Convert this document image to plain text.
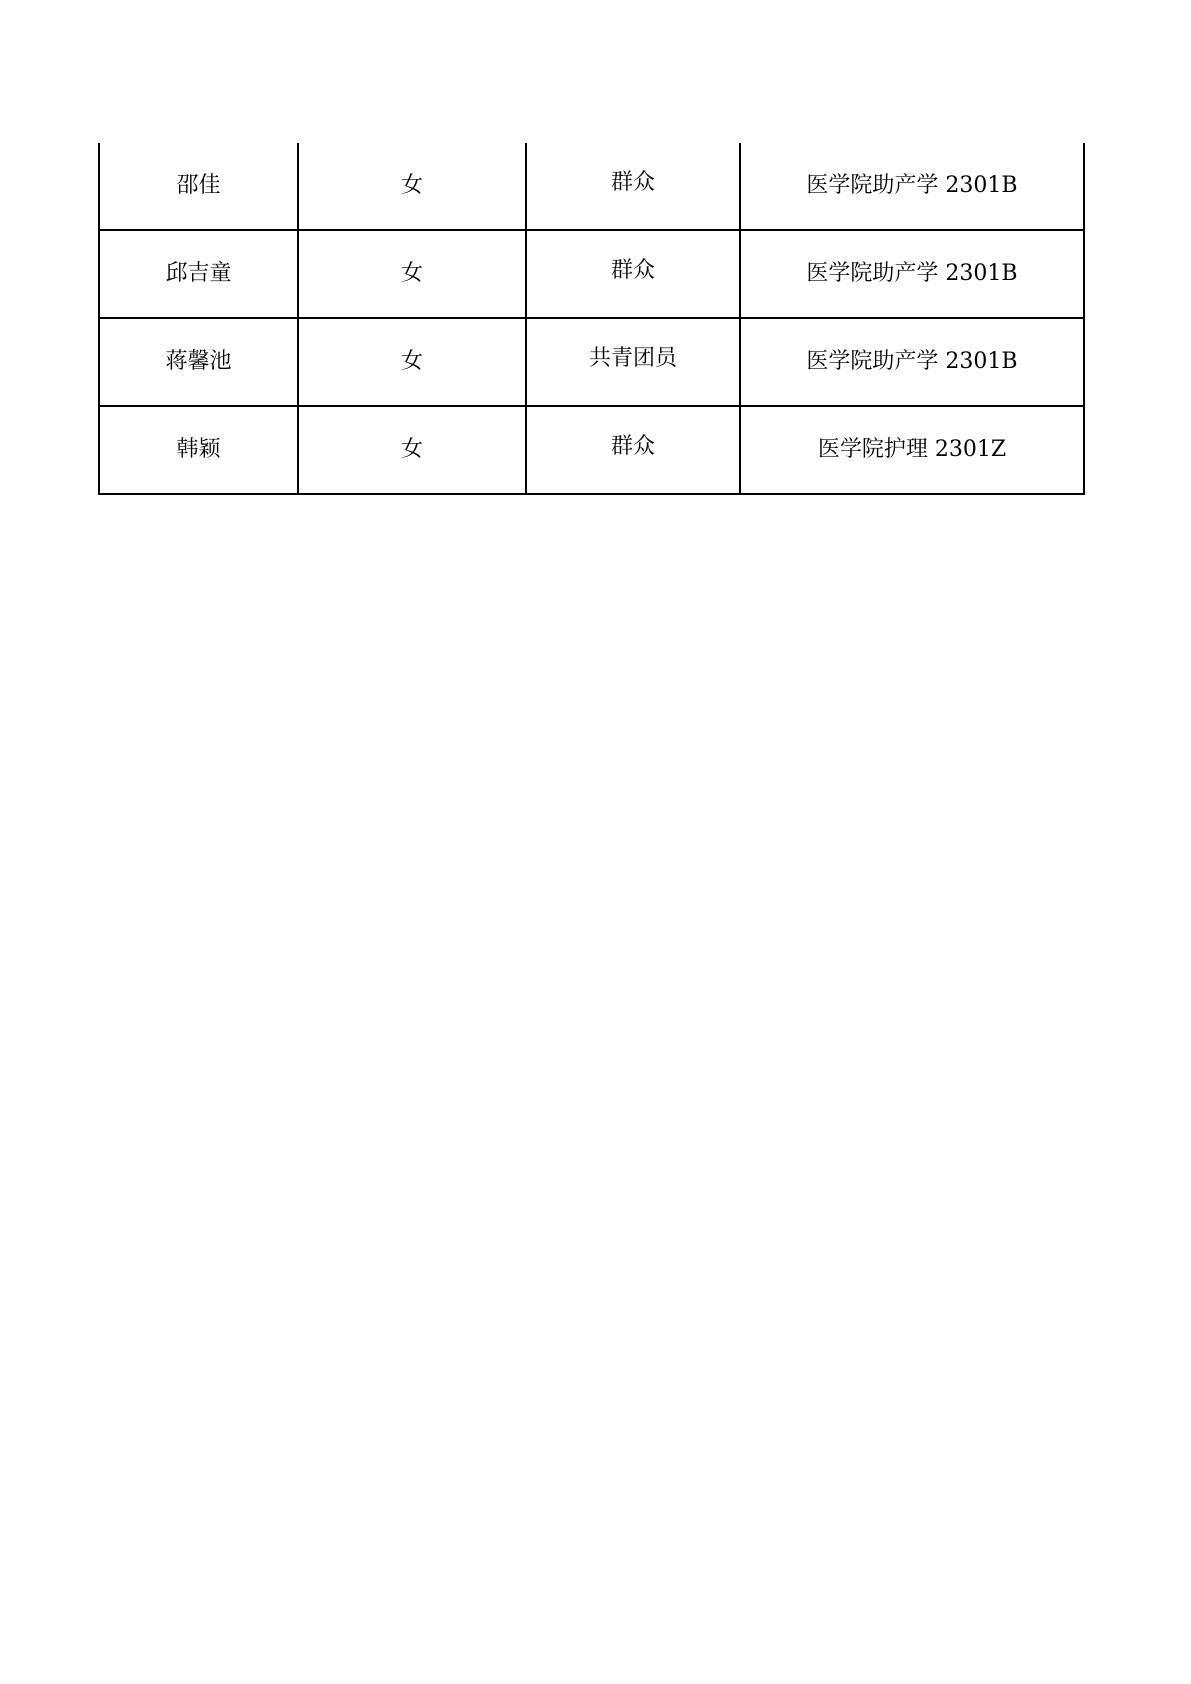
邵佳	女	群众	医学院助产学 2301B
邱吉童	女	群众	医学院助产学 2301B
蒋馨池	女	共青团员	医学院助产学 2301B
韩颖	女	群众	医学院护理 2301Z
